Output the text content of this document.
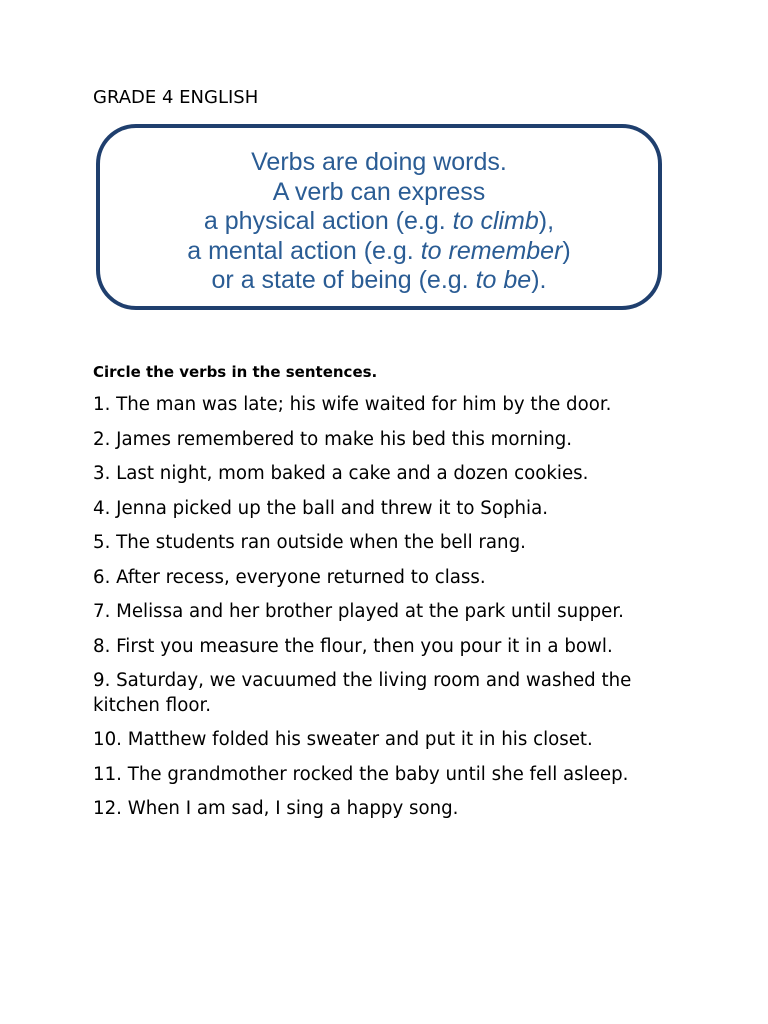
GRADE 4 ENGLISH
Verbs are doing words.
A verb can express
a physical action (e.g. to climb),
a mental action (e.g. to remember)
or a state of being (e.g. to be).
Circle the verbs in the sentences.
1. The man was late; his wife waited for him by the door.
2. James remembered to make his bed this morning.
3. Last night, mom baked a cake and a dozen cookies.
4. Jenna picked up the ball and threw it to Sophia.
5. The students ran outside when the bell rang.
6. After recess, everyone returned to class.
7. Melissa and her brother played at the park until supper.
8. First you measure the flour, then you pour it in a bowl.
9. Saturday, we vacuumed the living room and washed the kitchen floor.
10. Matthew folded his sweater and put it in his closet.
11. The grandmother rocked the baby until she fell asleep.
12. When I am sad, I sing a happy song.
